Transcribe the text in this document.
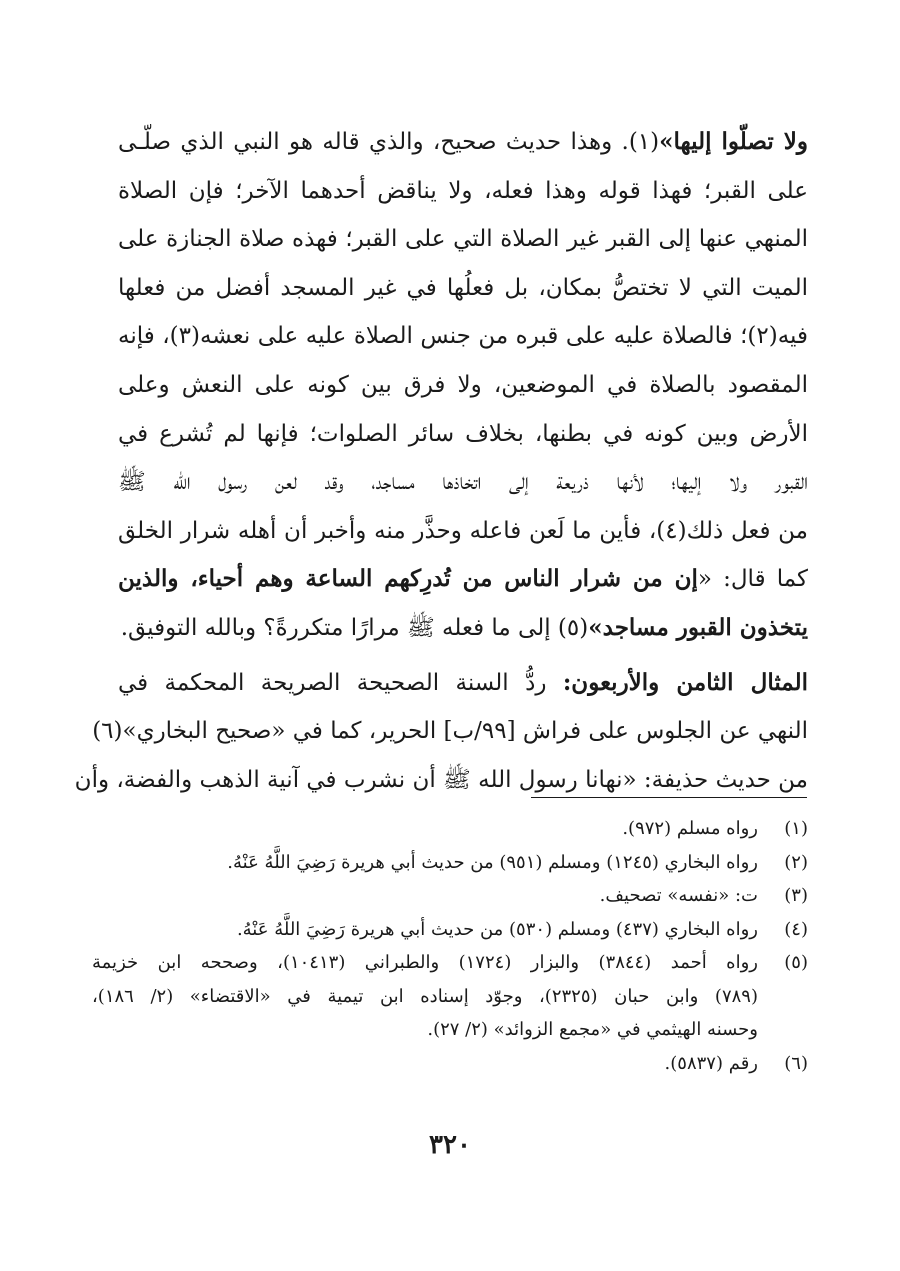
ولا تصلّوا إليها»(١). وهذا حديث صحيح، والذي قاله هو النبي الذي صلّـى
على القبر؛ فهذا قوله وهذا فعله، ولا يناقض أحدهما الآخر؛ فإن الصلاة
المنهي عنها إلى القبر غير الصلاة التي على القبر؛ فهذه صلاة الجنازة على
الميت التي لا تختصُّ بمكان، بل فعلُها في غير المسجد أفضل من فعلها
فيه(٢)؛ فالصلاة عليه على قبره من جنس الصلاة عليه على نعشه(٣)، فإنه
المقصود بالصلاة في الموضعين، ولا فرق بين كونه على النعش وعلى
الأرض وبين كونه في بطنها، بخلاف سائر الصلوات؛ فإنها لم تُشرع في
القبور ولا إليها؛ لأنها ذريعة إلى اتخاذها مساجد، وقد لعن رسول الله ﷺ
من فعل ذلك(٤)، فأين ما لَعن فاعله وحذَّر منه وأخبر أن أهله شرار الخلق
كما قال: «إن من شرار الناس من تُدرِكهم الساعة وهم أحياء، والذين
يتخذون القبور مساجد»(٥) إلى ما فعله ﷺ مرارًا متكررةً؟ وبالله التوفيق.

المثال الثامن والأربعون: ردُّ السنة الصحيحة الصريحة المحكمة في
النهي عن الجلوس على فراش [٩٩/ب] الحرير، كما في «صحيح البخاري»(٦)
من حديث حذيفة: «نهانا رسول الله ﷺ أن نشرب في آنية الذهب والفضة، وأن

(١)
رواه مسلم (٩٧٢).
(٢)
رواه البخاري (١٢٤٥) ومسلم (٩٥١) من حديث أبي هريرة رَضِيَ اللَّهُ عَنْهُ.
(٣)
ت: «نفسه» تصحيف.
(٤)
رواه البخاري (٤٣٧) ومسلم (٥٣٠) من حديث أبي هريرة رَضِيَ اللَّهُ عَنْهُ.
(٥)
رواه أحمد (٣٨٤٤) والبزار (١٧٢٤) والطبراني (١٠٤١٣)، وصححه ابن خزيمة
(٧٨٩) وابن حبان (٢٣٢٥)، وجوّد إسناده ابن تيمية في «الاقتضاء» (٢/ ١٨٦)،
وحسنه الهيثمي في «مجمع الزوائد» (٢/ ٢٧).
(٦)
رقم (٥٨٣٧).
٣٢٠
